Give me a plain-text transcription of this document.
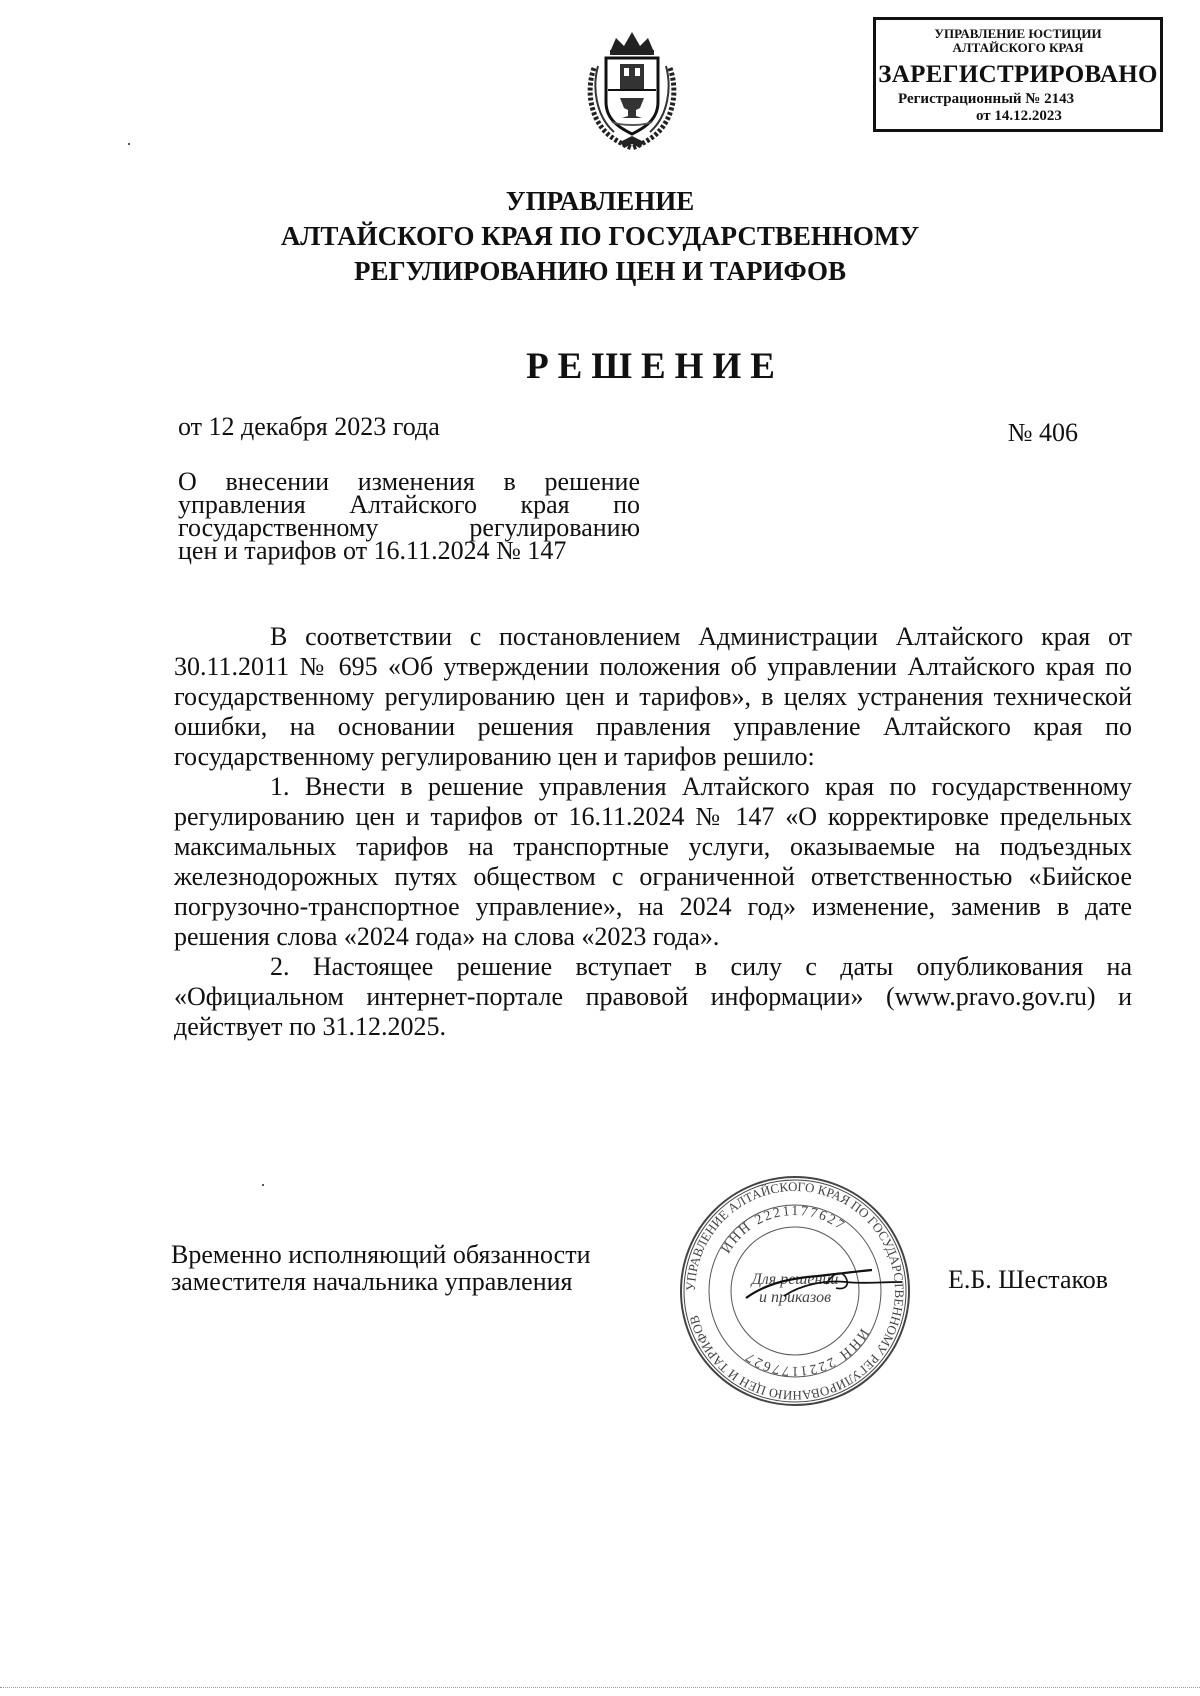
УПРАВЛЕНИЕ ЮСТИЦИИ
АЛТАЙСКОГО КРАЯ
ЗАРЕГИСТРИРОВАНО
Регистрационный № 2143
от 14.12.2023
УПРАВЛЕНИЕ
АЛТАЙСКОГО КРАЯ ПО ГОСУДАРСТВЕННОМУ
РЕГУЛИРОВАНИЮ ЦЕН И ТАРИФОВ
РЕШЕНИЕ
от 12 декабря 2023 года	№ 406
О внесении изменения в решение
управления Алтайского края по
государственному регулированию
цен и тарифов от 16.11.2024 № 147

В соответствии с постановлением Администрации Алтайского края от 30.11.2011 № 695 «Об утверждении положения об управлении Алтайского края по государственному регулированию цен и тарифов», в целях устранения технической ошибки, на основании решения правления управление Алтайского края по государственному регулированию цен и тарифов решило:

1. Внести в решение управления Алтайского края по государственному регулированию цен и тарифов от 16.11.2024 № 147 «О корректировке предельных максимальных тарифов на транспортные услуги, оказываемые на подъездных железнодорожных путях обществом с ограниченной ответственностью «Бийское погрузочно-транспортное управление», на 2024 год» изменение, заменив в дате решения слова «2024 года» на слова «2023 года».

2. Настоящее решение вступает в силу с даты опубликования на «Официальном интернет-портале правовой информации» (www.pravo.gov.ru) и действует по 31.12.2025.

Временно исполняющий обязанности
заместителя начальника управления	УПРАВЛЕНИЕ АЛТАЙСКОГО КРАЯ ПО ГОСУДАРСТВЕННОМУ РЕГУЛИРОВАНИЮ ЦЕН И ТАРИФОВ
ИНН 2221177627
ИНН 2221177627
Для решений
и приказов
Е.Б. Шестаков
